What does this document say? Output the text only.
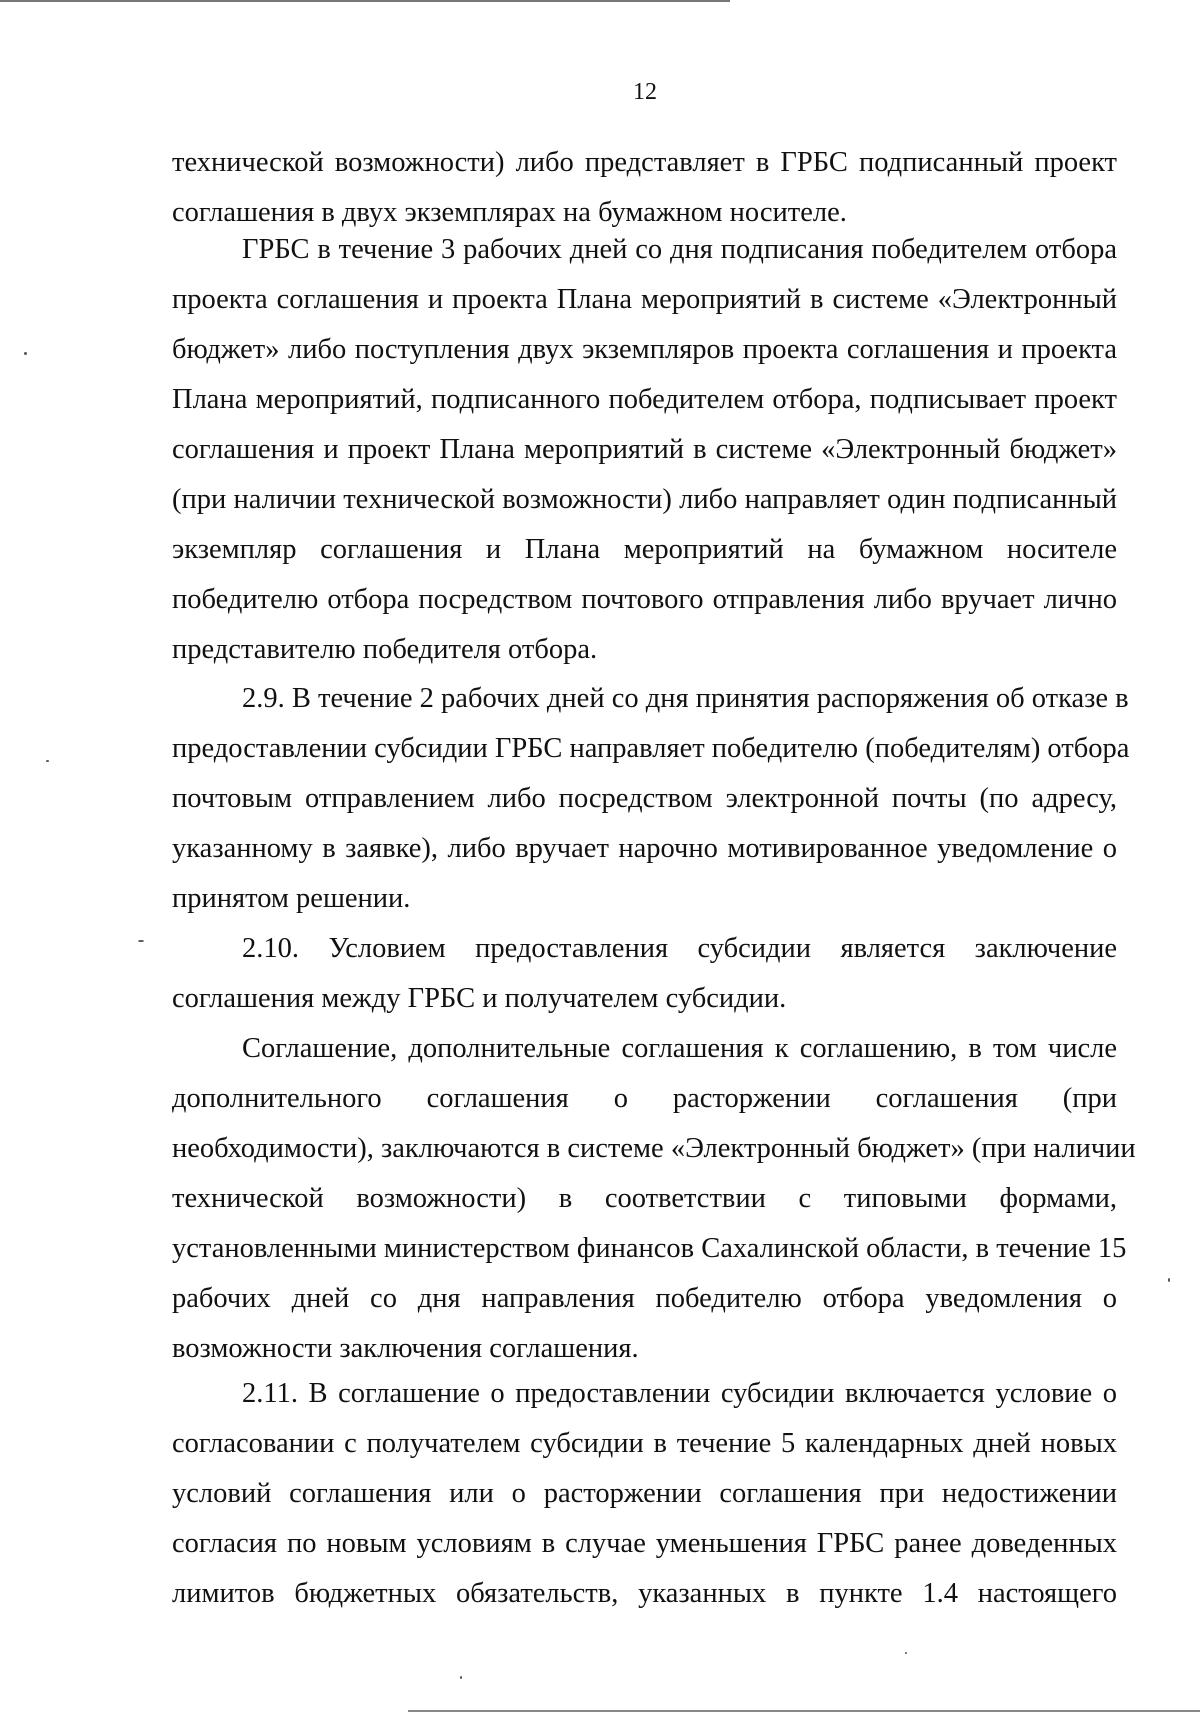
12
технической возможности) либо представляет в ГРБС подписанный проект
соглашения в двух экземплярах на бумажном носителе.
ГРБС в течение 3 рабочих дней со дня подписания победителем отбора
проекта соглашения и проекта Плана мероприятий в системе «Электронный
бюджет» либо поступления двух экземпляров проекта соглашения и проекта
Плана мероприятий, подписанного победителем отбора, подписывает проект
соглашения и проект Плана мероприятий в системе «Электронный бюджет»
(при наличии технической возможности) либо направляет один подписанный
экземпляр соглашения и Плана мероприятий на бумажном носителе
победителю отбора посредством почтового отправления либо вручает лично
представителю победителя отбора.
2.9. В течение 2 рабочих дней со дня принятия распоряжения об отказе в
предоставлении субсидии ГРБС направляет победителю (победителям) отбора
почтовым отправлением либо посредством электронной почты (по адресу,
указанному в заявке), либо вручает нарочно мотивированное уведомление о
принятом решении.
2.10. Условием предоставления субсидии является заключение
соглашения между ГРБС и получателем субсидии.
Соглашение, дополнительные соглашения к соглашению, в том числе
дополнительного соглашения о расторжении соглашения (при
необходимости), заключаются в системе «Электронный бюджет» (при наличии
технической возможности) в соответствии с типовыми формами,
установленными министерством финансов Сахалинской области, в течение 15
рабочих дней со дня направления победителю отбора уведомления о
возможности заключения соглашения.
2.11. В соглашение о предоставлении субсидии включается условие о
согласовании с получателем субсидии в течение 5 календарных дней новых
условий соглашения или о расторжении соглашения при недостижении
согласия по новым условиям в случае уменьшения ГРБС ранее доведенных
лимитов бюджетных обязательств, указанных в пункте 1.4 настоящего
